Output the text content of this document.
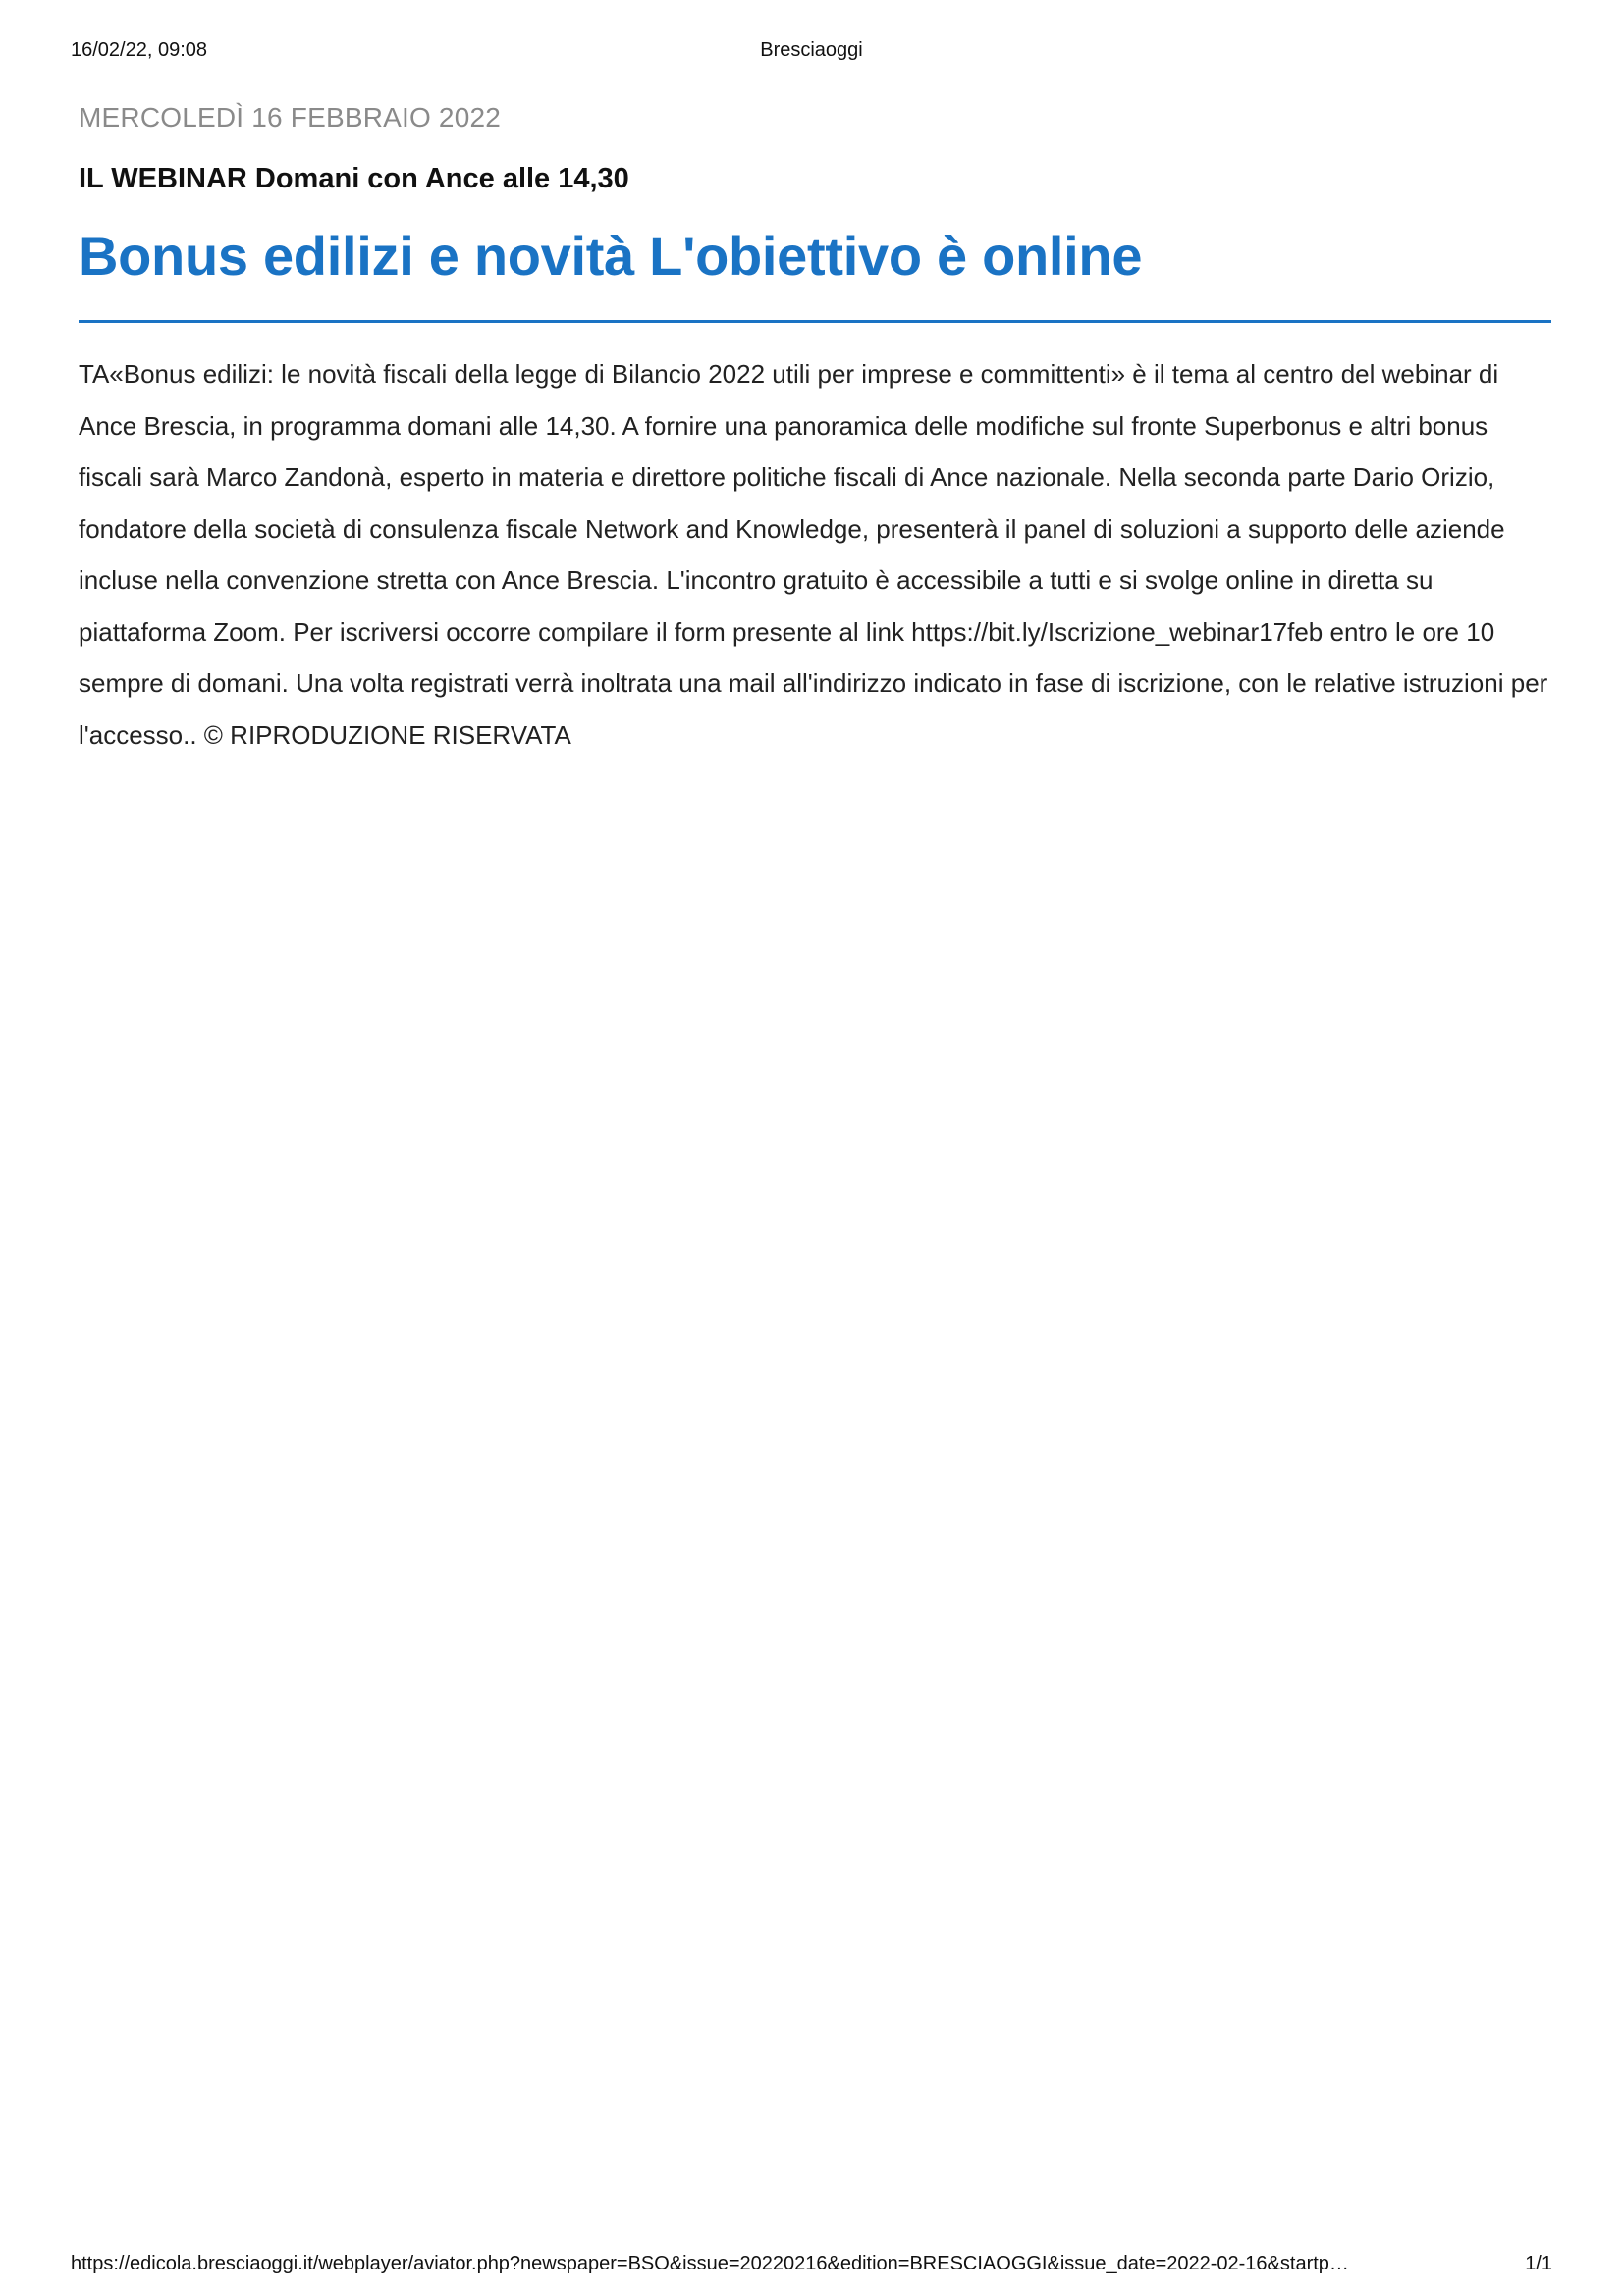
16/02/22, 09:08	Bresciaoggi

MERCOLEDÌ 16 FEBBRAIO 2022

IL WEBINAR Domani con Ance alle 14,30

Bonus edilizi e novità L'obiettivo è online

TA«Bonus edilizi: le novità fiscali della legge di Bilancio 2022 utili per imprese e committenti» è il tema al centro del webinar di Ance Brescia, in programma domani alle 14,30. A fornire una panoramica delle modifiche sul fronte Superbonus e altri bonus fiscali sarà Marco Zandonà, esperto in materia e direttore politiche fiscali di Ance nazionale. Nella seconda parte Dario Orizio, fondatore della società di consulenza fiscale Network and Knowledge, presenterà il panel di soluzioni a supporto delle aziende incluse nella convenzione stretta con Ance Brescia. L'incontro gratuito è accessibile a tutti e si svolge online in diretta su piattaforma Zoom. Per iscriversi occorre compilare il form presente al link https://bit.ly/Iscrizione_webinar17feb entro le ore 10 sempre di domani. Una volta registrati verrà inoltrata una mail all'indirizzo indicato in fase di iscrizione, con le relative istruzioni per l'accesso.. © RIPRODUZIONE RISERVATA

https://edicola.bresciaoggi.it/webplayer/aviator.php?newspaper=BSO&issue=20220216&edition=BRESCIAOGGI&issue_date=2022-02-16&startp…	1/1
